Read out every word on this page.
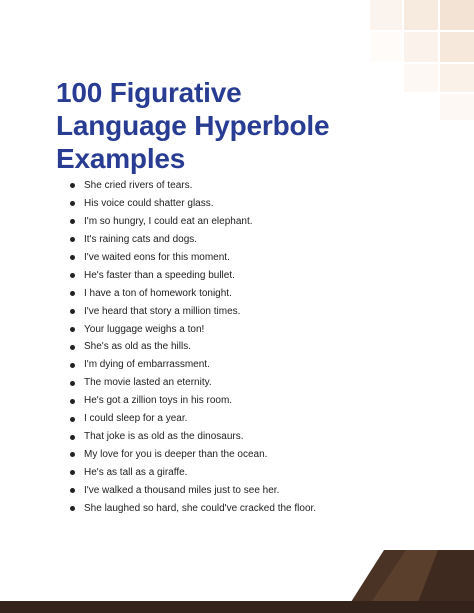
100 Figurative
Language Hyperbole
Examples
She cried rivers of tears.
His voice could shatter glass.
I'm so hungry, I could eat an elephant.
It's raining cats and dogs.
I've waited eons for this moment.
He's faster than a speeding bullet.
I have a ton of homework tonight.
I've heard that story a million times.
Your luggage weighs a ton!
She's as old as the hills.
I'm dying of embarrassment.
The movie lasted an eternity.
He's got a zillion toys in his room.
I could sleep for a year.
That joke is as old as the dinosaurs.
My love for you is deeper than the ocean.
He's as tall as a giraffe.
I've walked a thousand miles just to see her.
She laughed so hard, she could've cracked the floor.
